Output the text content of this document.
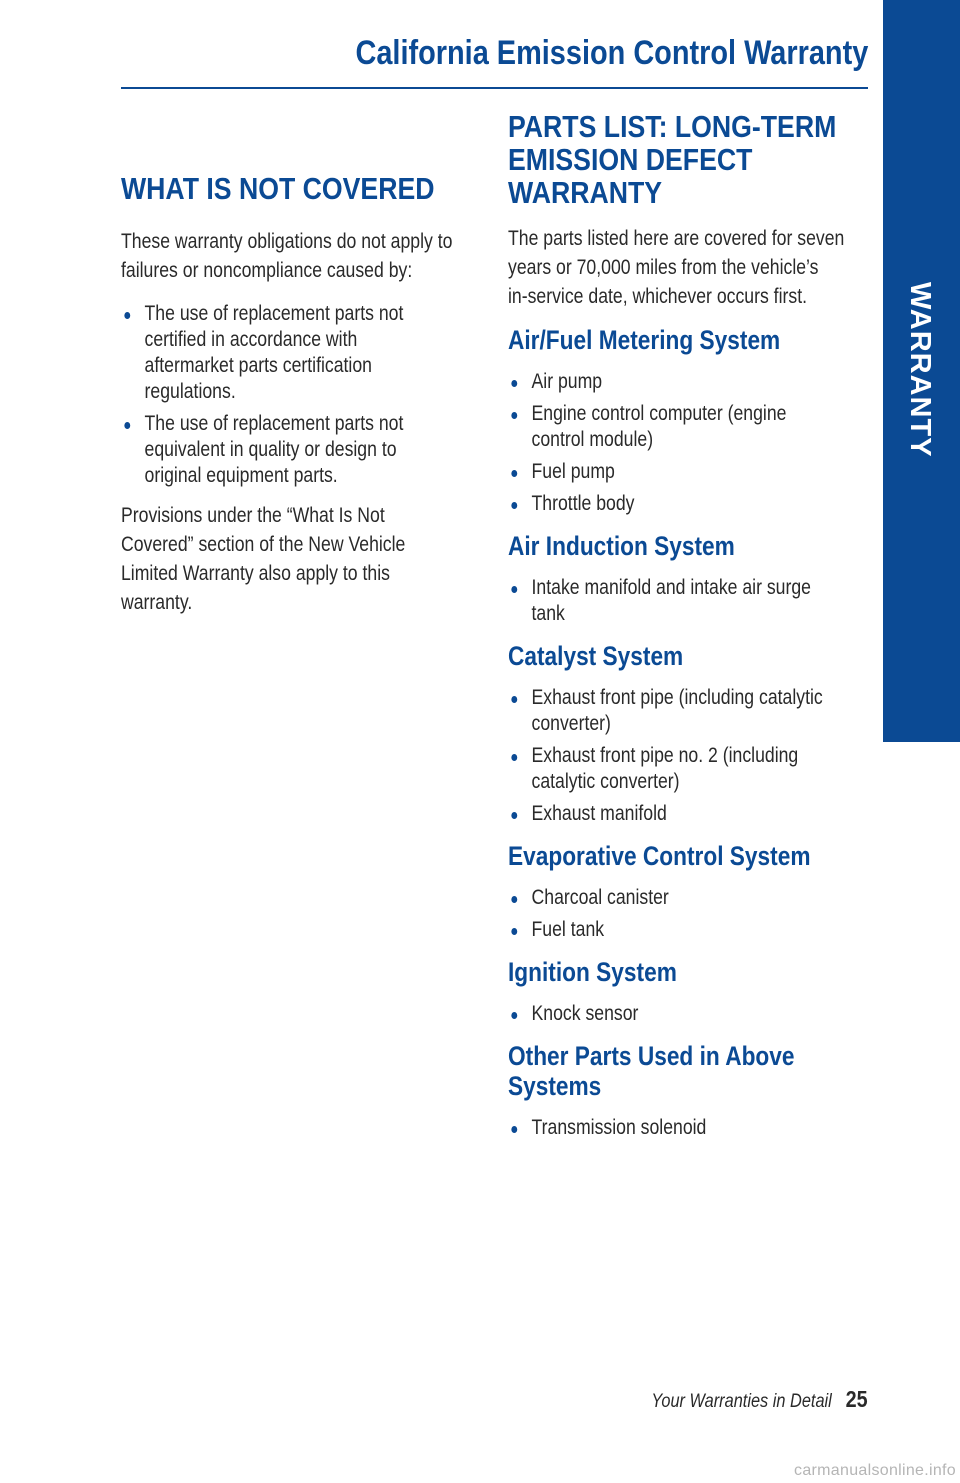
California Emission Control Warranty
WARRANTY
WHAT IS NOT COVERED

These warranty obligations do not apply to

failures or noncompliance caused by:

The use of replacement parts not
certified in accordance with
aftermarket parts certification
regulations.
The use of replacement parts not
equivalent in quality or design to
original equipment parts.

Provisions under the “What Is Not

Covered” section of the New Vehicle

Limited Warranty also apply to this

warranty.

PARTS LIST: LONG-TERM
EMISSION DEFECT
WARRANTY

The parts listed here are covered for seven

years or 70,000 miles from the vehicle’s

in-service date, whichever occurs first.

Air/Fuel Metering System
Air pump
Engine control computer (engine
control module)
Fuel pump
Throttle body
Air Induction System
Intake manifold and intake air surge
tank
Catalyst System
Exhaust front pipe (including catalytic
converter)
Exhaust front pipe no. 2 (including
catalytic converter)
Exhaust manifold
Evaporative Control System
Charcoal canister
Fuel tank
Ignition System
Knock sensor
Other Parts Used in Above
Systems
Transmission solenoid
Your Warranties in Detail 25
carmanualsonline.info
